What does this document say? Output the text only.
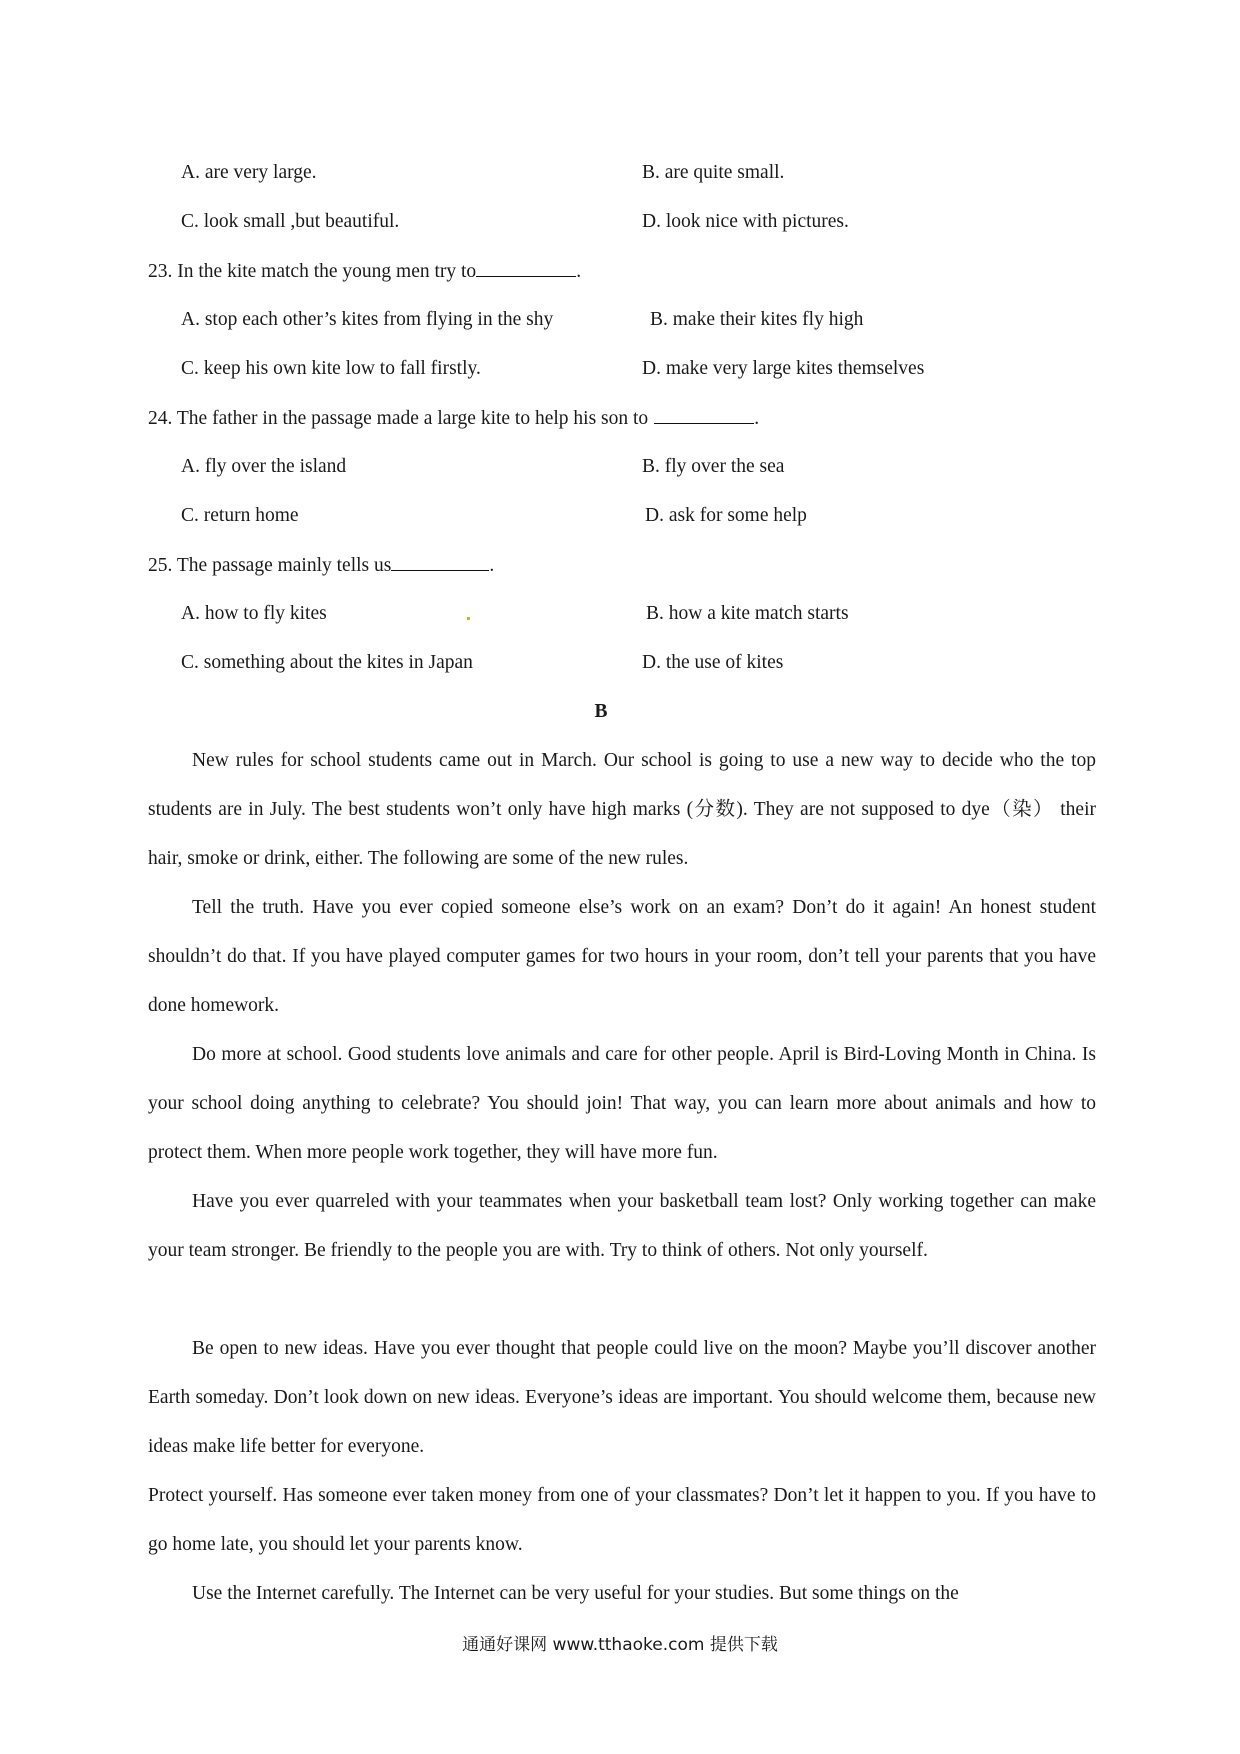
A. are very large.	B. are quite small.
C. look small ,but beautiful.	D. look nice with pictures.
23. In the kite match the young men try to	.
A. stop each other’s kites from flying in the shy	B. make their kites fly high
C. keep his own kite low to fall firstly.	D. make very large kites themselves
24. The father in the passage made a large kite to help his son to	.
A. fly over the island	B. fly over the sea
C. return home	D. ask for some help
25. The passage mainly tells us	.
A. how to fly kites	B. how a kite match starts
C. something about the kites in Japan	D. the use of kites
B

New rules for school students came out in March. Our school is going to use a new way to decide who the top students are in July. The best students won’t only have high marks (分数). They are not supposed to dye（染） their hair, smoke or drink, either. The following are some of the new rules.

Tell the truth. Have you ever copied someone else’s work on an exam? Don’t do it again! An honest student shouldn’t do that. If you have played computer games for two hours in your room, don’t tell your parents that you have done homework.

Do more at school. Good students love animals and care for other people. April is Bird-Loving Month in China. Is your school doing anything to celebrate? You should join! That way, you can learn more about animals and how to protect them. When more people work together, they will have more fun.

Have you ever quarreled with your teammates when your basketball team lost? Only working together can make your team stronger. Be friendly to the people you are with. Try to think of others. Not only yourself.

Be open to new ideas. Have you ever thought that people could live on the moon? Maybe you’ll discover another Earth someday. Don’t look down on new ideas. Everyone’s ideas are important. You should welcome them, because new ideas make life better for everyone.

Protect yourself. Has someone ever taken money from one of your classmates? Don’t let it happen to you. If you have to go home late, you should let your parents know.

Use the Internet carefully. The Internet can be very useful for your studies. But some things on the

通通好课网 www.tthaoke.com 提供下载
